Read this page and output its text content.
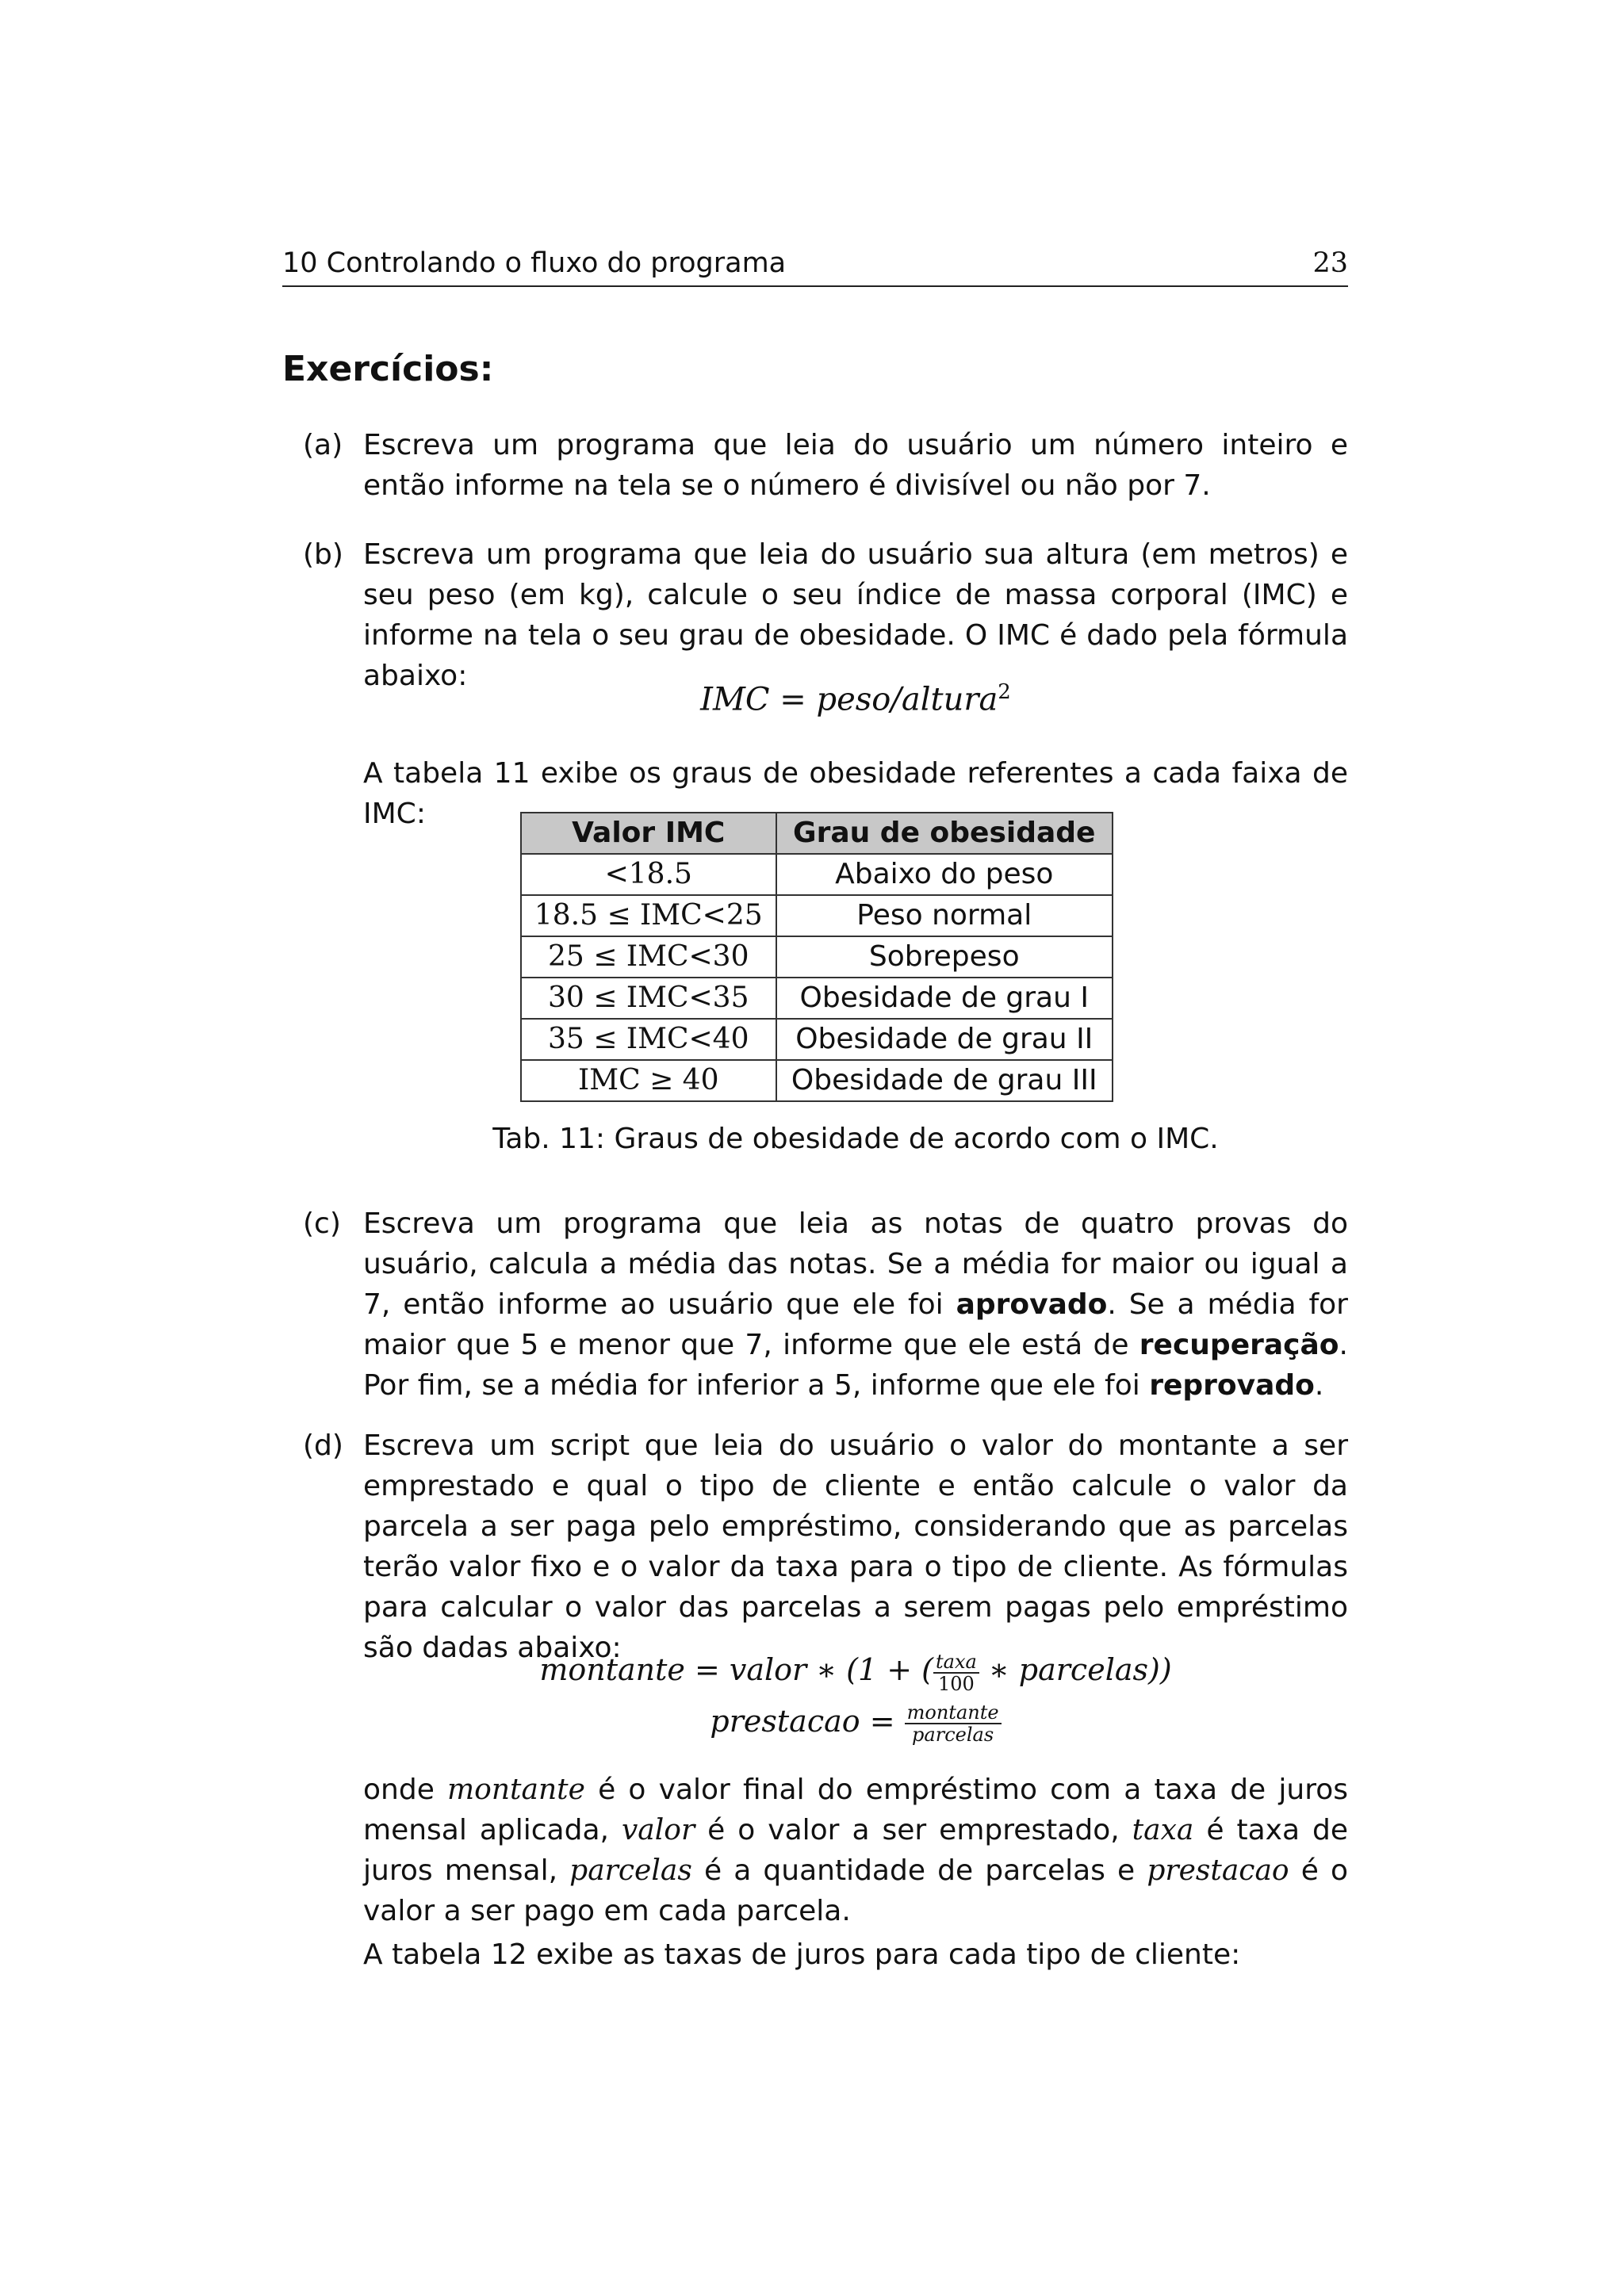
10 Controlando o fluxo do programa	23
Exercícios:
(a) Escreva um programa que leia do usuário um número inteiro e então informe na tela se o número é divisível ou não por 7.
(b) Escreva um programa que leia do usuário sua altura (em metros) e seu peso (em kg), calcule o seu índice de massa corporal (IMC) e informe na tela o seu grau de obesidade. O IMC é dado pela fórmula abaixo:
IMC = peso/altura$^2$
A tabela 11 exibe os graus de obesidade referentes a cada faixa de IMC:
Valor IMC	Grau de obesidade
<18.5	Abaixo do peso
18.5 ≤ IMC<25	Peso normal
25 ≤ IMC<30	Sobrepeso
30 ≤ IMC<35	Obesidade de grau I
35 ≤ IMC<40	Obesidade de grau II
IMC ≥ 40	Obesidade de grau III
Tab. 11: Graus de obesidade de acordo com o IMC.
(c) Escreva um programa que leia as notas de quatro provas do usuário, calcula a média das notas. Se a média for maior ou igual a 7, então informe ao usuário que ele foi aprovado. Se a média for maior que 5 e menor que 7, informe que ele está de recuperação. Por fim, se a média for inferior a 5, informe que ele foi reprovado.
(d) Escreva um script que leia do usuário o valor do montante a ser emprestado e qual o tipo de cliente e então calcule o valor da parcela a ser paga pelo empréstimo, considerando que as parcelas terão valor fixo e o valor da taxa para o tipo de cliente. As fórmulas para calcular o valor das parcelas a serem pagas pelo empréstimo são dadas abaixo:
montante = valor ∗ (1 + ( $\frac{\text{taxa}}{100}$ ∗ parcelas))
prestacao = $\frac{\text{montante}}{\text{parcelas}}$
onde montante é o valor final do empréstimo com a taxa de juros mensal aplicada, valor é o valor a ser emprestado, taxa é taxa de juros mensal, parcelas é a quantidade de parcelas e prestacao é o valor a ser pago em cada parcela.
A tabela 12 exibe as taxas de juros para cada tipo de cliente:
